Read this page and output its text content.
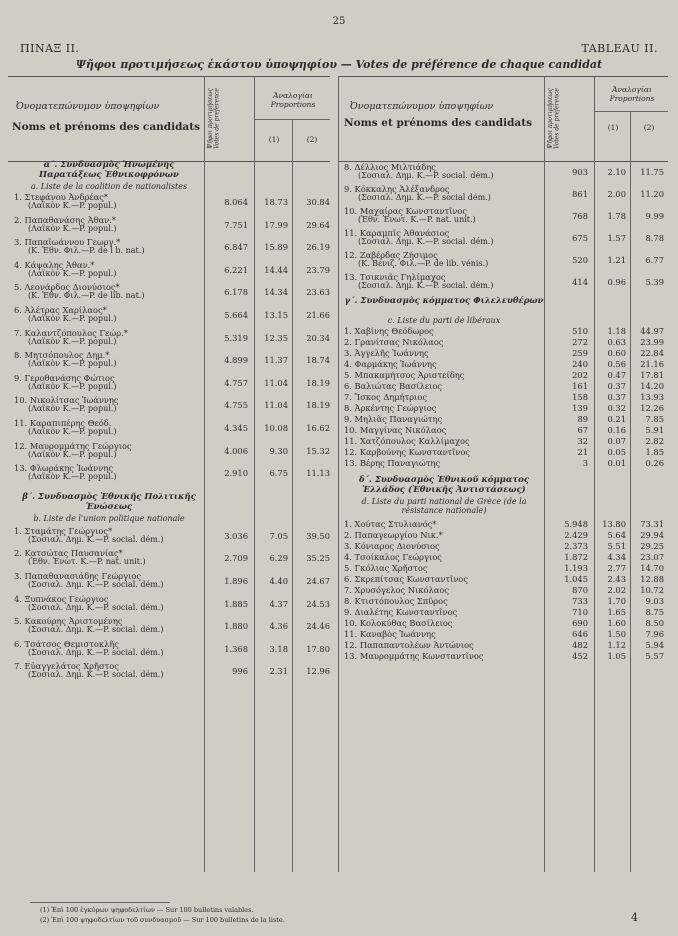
25
ΠΙΝΑΞ II.	TABLEAU II.
Ψῆφοι προτιμήσεως ἑκάστου ὑποψηφίου — Votes de préférence de chaque candidat
Ὀνοματεπώνυμον ὑποψηφίων
Noms et prénoms des candidats Ψῆφοι προτιμήσεως Votes de préférence	Ἀναλογίαι
Proportions
(1)	(2)
Ὀνοματεπώνυμον ὑποψηφίων
Noms et prénoms des candidats	Ψῆφοι προτιμήσεως Votes de préférence	Ἀναλογίαι
Proportions
(1)	(2)
α΄. Συνδυασμὸς Ἡνωμένης Παρατάξεως Ἐθνικοφρόνων
a. Liste de la coalition de nationalistes
1. Στεφάνου Ἀνδρέας*
(Λαϊκὸν Κ.—P. popul.)	8.064 18.73 30.84
2. Παπαθανάσης Ἀθαν.*
(Λαϊκὸν Κ.—P. popul.)	7.751 17.99 29.64
3. Παπαϊωάννου Γεωργ.*
(Κ. Ἐθν. Φιλ.—P. de l b. nat.)	6.847 15.89 26.19
4. Κάψαλης Ἀθαν.*
(Λαϊκὸν Κ.—P. popul.)	6.221 14.44 23.79
5. Λεονάρδος Διονύσιος*
(Κ. Ἐθν. Φιλ.—P. de lib. nat.)	6.178 14.34 23.63
6. Ἀλέτρας Χαρίλαος*
(Λαϊκὸν Κ.—P. popul.)	5.664 13.15 21.66
7. Καλαντζόπουλος Γεώρ.*
(Λαϊκὸν Κ.—P. popul.)	5.319 12.35 20.34
8. Μητσόπουλος Δημ.*
(Λαϊκὸν Κ.—P. popul.)	4.899 11.37 18.74
9. Γεροθανάσης Φώτιος
(Λαϊκὸν Κ.—P. popul.)	4.757 11.04 18.19
10. Νικολίτσας Ἰωάννης
(Λαϊκὸν Κ.—P. popul.)	4.755 11.04 18.19
11. Καραπιπέρης Θεόδ.
(Λαϊκὸν Κ.—P. popul.)	4.345 10.08 16.62
12. Μαυρομμάτης Γεώργιος
(Λαϊκὸν Κ.—P. popul.)	4.006	9.30 15.32
13. Φλωράκης Ἰωάννης
(Λαϊκὸν Κ.—P. popul.)	2.910	6.75 11.13
β΄. Συνδυασμὸς Ἐθνικῆς Πολιτικῆς Ἑνώσεως
b. Liste de l'union politique nationale
1. Σταμάτης Γεώργιος*
(Σοσιαλ. Δημ. Κ.—P. social. dém.)	3.036	7.05 39.50
2. Κατσώτας Παυσανίας*
(Ἐθν. Ἑνωτ. Κ.—P. nat. unit.)	2.709	6.29 35.25
3. Παπαθανασιάδης Γεώργιος
(Σοσιαλ. Δημ. Κ.—P. social. dém.)	1.896	4.40 24.67
4. Ξυπνάκος Γεώργιος
(Σοσιαλ. Δημ. Κ.—P. social. dém.)	1.885	4.37 24.53
5. Κακούρης Ἀριστομένης
(Σοσιαλ. Δημ. Κ.—P. social. dém.)	1.880	4.36 24.46
6. Τσάτσος Θεμιστοκλῆς
(Σοσιαλ. Δημ. Κ.—P. social. dém.)	1.368	3.18 17.80
7. Εὐαγγελάτος Χρῆστος
(Σοσιαλ. Δημ. Κ.—P. social. dém.)	996	2.31 12.96
8. Δέλλιος Μιλτιάδης
(Σοσιαλ. Δημ. Κ.—P. social. dém.)	903 2.10 11.75
9. Κόκκαλης Ἀλέξανδρος
(Σοσιαλ. Δημ. Κ.—P. social dém.)	861 2.00 11.20
10. Μαχαίρας Κωνσταντῖνος
(Ἐθν. Ἑνωτ. Κ.—P. nat. unit.)	768 1.78 9.99
11. Καραμπῖς Ἀθανάσιος
(Σοσιαλ. Δημ. Κ.—P. social. dém.)	675 1.57 8.78
12. Ζαβέρδας Ζήσιμος
(Κ. Βενιζ. Φιλ.—P. de lib. vénis.)	520 1.21 6.77
13. Τσικνιᾶς Γηλίμαχος
(Σοσιαλ. Δημ. Κ.—P. social. dém.)	414 0.96 5.39
γ΄. Συνδυασμὸς κόμματος Φιλελευθέρων
c. Liste du parti de libéraux
1. Χαβίνης Θεόδωρος	510 1.18 44.97
2. Γρανίτσας Νικόλαος	272 0.63 23.99
3. Ἀγγελῆς Ἰωάννης	259 0.60 22.84
4. Φαρμάκης Ἰωάννης	240 0.56 21.16
5. Μπακαμήτσος Ἀριστείδης	202 0.47 17.81
6. Βαλιώτας Βασίλειος	161 0.37 14.20
7. Ἴσκος Δημήτριος	158 0.37 13.93
8. Ἀρκέντης Γεώργιος	139 0.32 12.26
9. Μηλιᾶς Παναγιώτης	89 0.21 7.85
10. Μαγγίνας Νικόλαος	67 0.16 5.91
11. Χατζόπουλος Καλλίμαχος	32 0.07 2.82
12. Καρβούνης Κωνσταντῖνος	21 0.05 1.85
13. Βέρης Παναγιώτης	3 0.01 0.26
δ΄. Συνδυασμὸς Ἐθνικοῦ κόμματος Ἑλλάδος (Ἐθνικῆς Ἀντιστάσεως)
d. Liste du parti national de Grèce (de la résistance nationale)
1. Χούτας Στυλιανός*	5.948 13.80 73.31
2. Παπαγεωργίου Νικ.*	2.429 5.64 29.94
3. Κόνιαρος Διονύσιος	2.373 5.51 29.25
4. Τσοίκαλος Γεώργιος	1.872 4.34 23.07
5. Γκόλιας Χρῆστος	1.193 2.77 14.70
6. Σκρεπίτσας Κωνσταντῖνος	1.045 2.43 12.88
7. Χρυσόγελος Νικόλαος	870 2.02 10.72
8. Κτιστόπουλος Σπῦρος	733 1.70 9.03
9. Διαλέτης Κωνσταντῖνος	710 1.65 8.75
10. Κολοκύθας Βασίλειος	690 1.60 8.50
11. Καναβὸς Ἰωάννης	646 1.50 7.96
12. Παπαπαντολέων Ἀντώνιος	482 1.12 5.94
13. Μαυρομμάτης Κωνσταντῖνος	452 1.05 5.57
(1) Ἐπὶ 100 ἐγκύρων ψηφοδελτίων — Sur 100 bulletins valables.
(2) Ἐπὶ 100 ψηφοδελτίων τοῦ συνδυασμοῦ — Sur 100 bulletins de la liste.	4
